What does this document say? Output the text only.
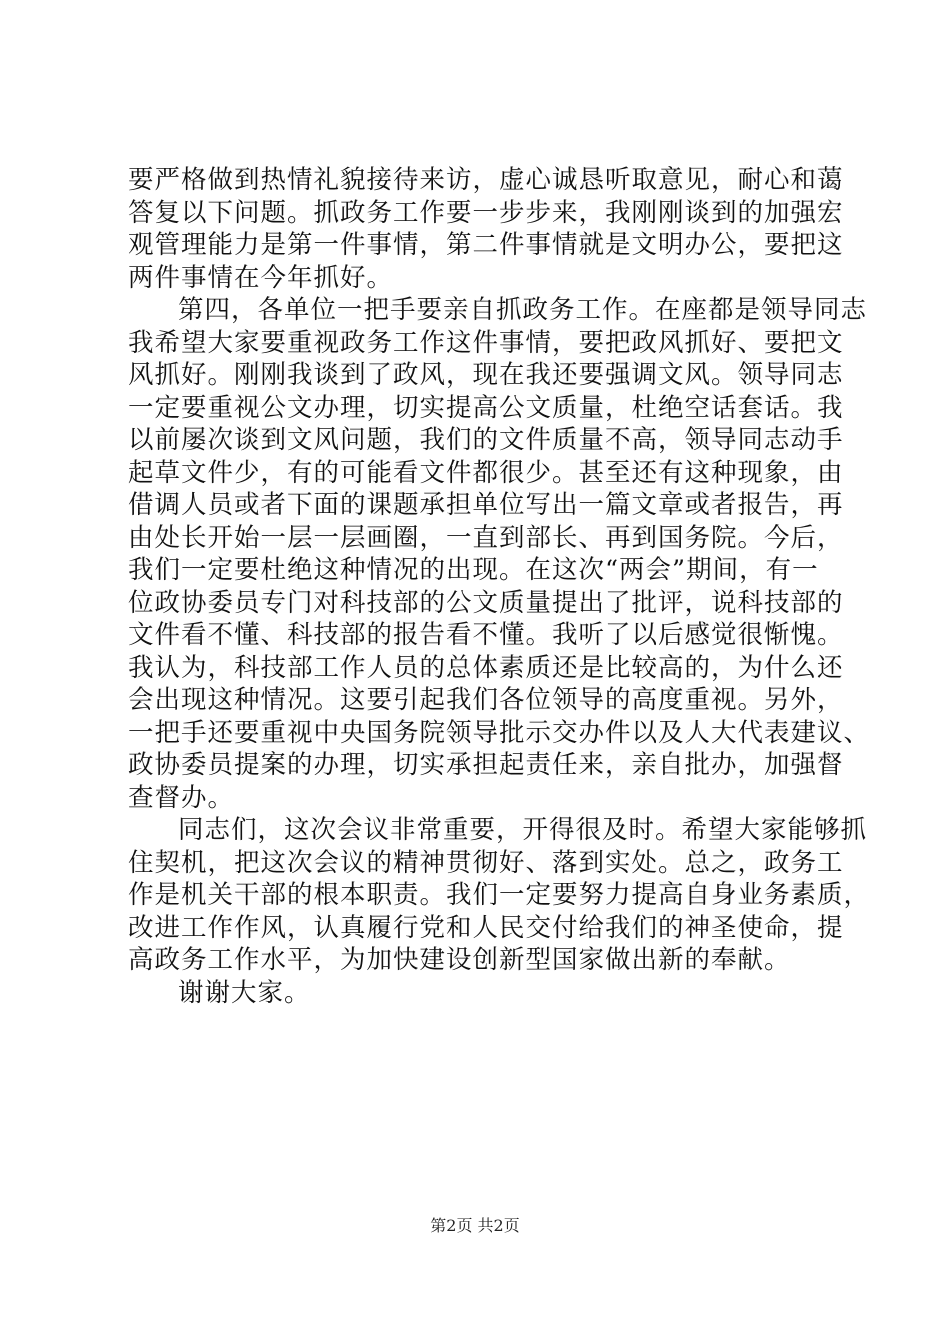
要严格做到热情礼貌接待来访，虚心诚恳听取意见，耐心和蔼
答复以下问题。抓政务工作要一步步来，我刚刚谈到的加强宏
观管理能力是第一件事情，第二件事情就是文明办公，要把这
两件事情在今年抓好。
第四，各单位一把手要亲自抓政务工作。在座都是领导同志
我希望大家要重视政务工作这件事情，要把政风抓好、要把文
风抓好。刚刚我谈到了政风，现在我还要强调文风。领导同志
一定要重视公文办理，切实提高公文质量，杜绝空话套话。我
以前屡次谈到文风问题，我们的文件质量不高，领导同志动手
起草文件少，有的可能看文件都很少。甚至还有这种现象，由
借调人员或者下面的课题承担单位写出一篇文章或者报告，再
由处长开始一层一层画圈，一直到部长、再到国务院。今后，
我们一定要杜绝这种情况的出现。在这次“两会”期间，有一
位政协委员专门对科技部的公文质量提出了批评，说科技部的
文件看不懂、科技部的报告看不懂。我听了以后感觉很惭愧。
我认为，科技部工作人员的总体素质还是比较高的，为什么还
会出现这种情况。这要引起我们各位领导的高度重视。另外，
一把手还要重视中央国务院领导批示交办件以及人大代表建议、
政协委员提案的办理，切实承担起责任来，亲自批办，加强督
查督办。
同志们，这次会议非常重要，开得很及时。希望大家能够抓
住契机，把这次会议的精神贯彻好、落到实处。总之，政务工
作是机关干部的根本职责。我们一定要努力提高自身业务素质，
改进工作作风，认真履行党和人民交付给我们的神圣使命，提
高政务工作水平，为加快建设创新型国家做出新的奉献。
谢谢大家。
第2页 共2页
